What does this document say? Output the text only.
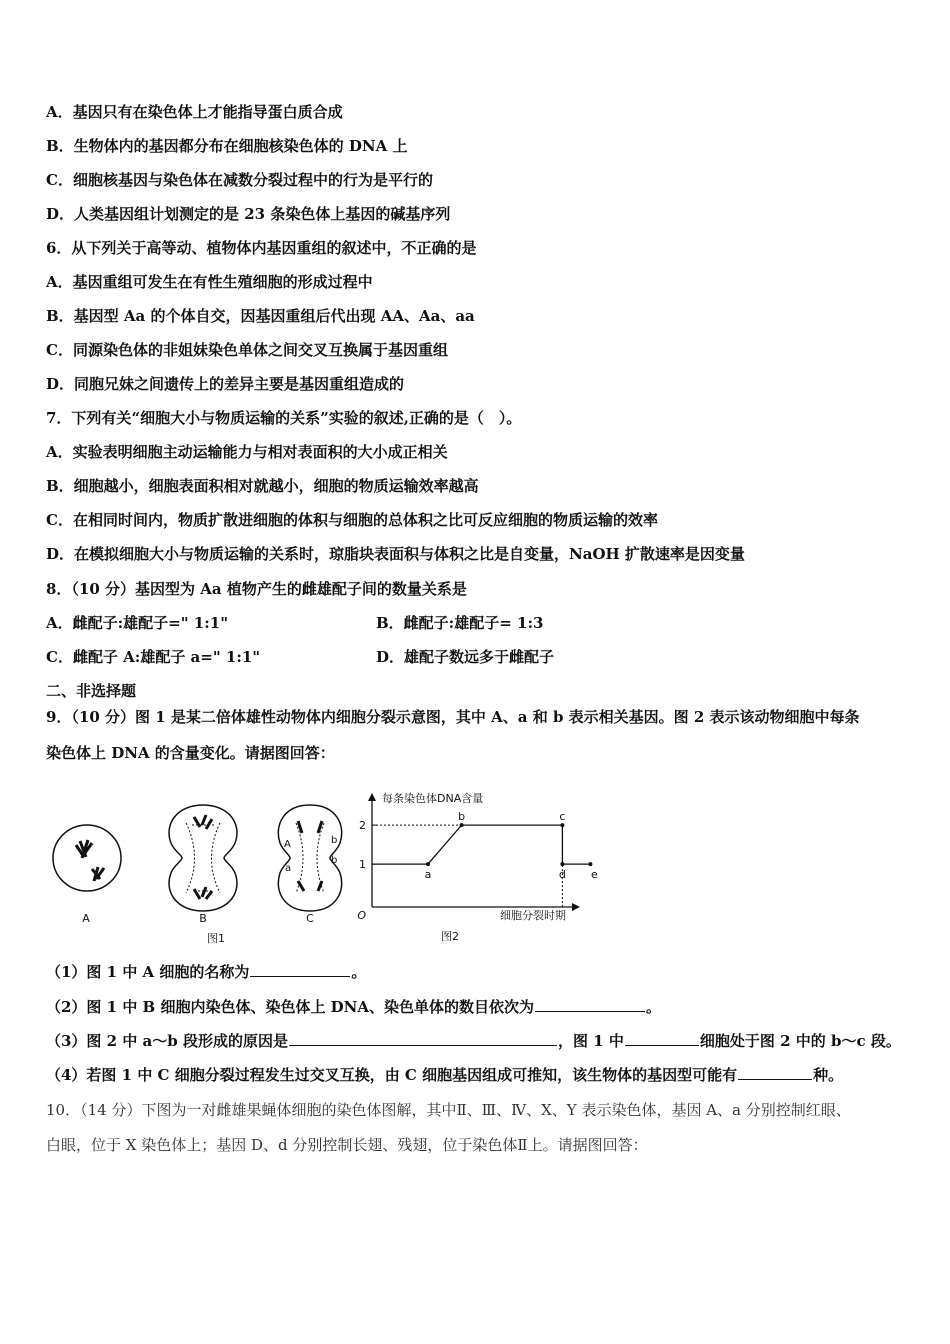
A．基因只有在染色体上才能指导蛋白质合成
B．生物体内的基因都分布在细胞核染色体的 DNA 上
C．细胞核基因与染色体在减数分裂过程中的行为是平行的
D．人类基因组计划测定的是 23 条染色体上基因的碱基序列
6．从下列关于高等动、植物体内基因重组的叙述中，不正确的是
A．基因重组可发生在有性生殖细胞的形成过程中
B．基因型 Aa 的个体自交，因基因重组后代出现 AA、Aa、aa
C．同源染色体的非姐妹染色单体之间交叉互换属于基因重组
D．同胞兄妹之间遗传上的差异主要是基因重组造成的
7．下列有关“细胞大小与物质运输的关系”实验的叙述,正确的是（　）。
A．实验表明细胞主动运输能力与相对表面积的大小成正相关
B．细胞越小，细胞表面积相对就越小，细胞的物质运输效率越高
C．在相同时间内，物质扩散进细胞的体积与细胞的总体积之比可反应细胞的物质运输的效率
D．在模拟细胞大小与物质运输的关系时，琼脂块表面积与体积之比是自变量，NaOH 扩散速率是因变量
8．（10 分）基因型为 Aa 植物产生的雌雄配子间的数量关系是
A．雌配子:雄配子=" 1:1"	B．雌配子:雄配子= 1:3
C．雌配子 A:雄配子 a=" 1:1"	D．雄配子数远多于雌配子
二、非选择题
9．（10 分）图 1 是某二倍体雄性动物体内细胞分裂示意图，其中 A、a 和 b 表示相关基因。图 2 表示该动物细胞中每条
染色体上 DNA 的含量变化。请据图回答：
A	B	C
A
a
b
b
图1
每条染色体DNA含量
细胞分裂时期
O
1
2
a
b	c
d e
图2
（1）图 1 中 A 细胞的名称为	。
（2）图 1 中 B 细胞内染色体、染色体上 DNA、染色单体的数目依次为	。
（3）图 2 中 a～b 段形成的原因是	，图 1 中	细胞处于图 2 中的 b～c 段。
（4）若图 1 中 C 细胞分裂过程发生过交叉互换，由 C 细胞基因组成可推知，该生物体的基因型可能有	种。
10．（14 分）下图为一对雌雄果蝇体细胞的染色体图解，其中Ⅱ、Ⅲ、Ⅳ、X、Y 表示染色体，基因 A、a 分别控制红眼、
白眼，位于 X 染色体上；基因 D、d 分别控制长翅、残翅，位于染色体Ⅱ上。请据图回答：
